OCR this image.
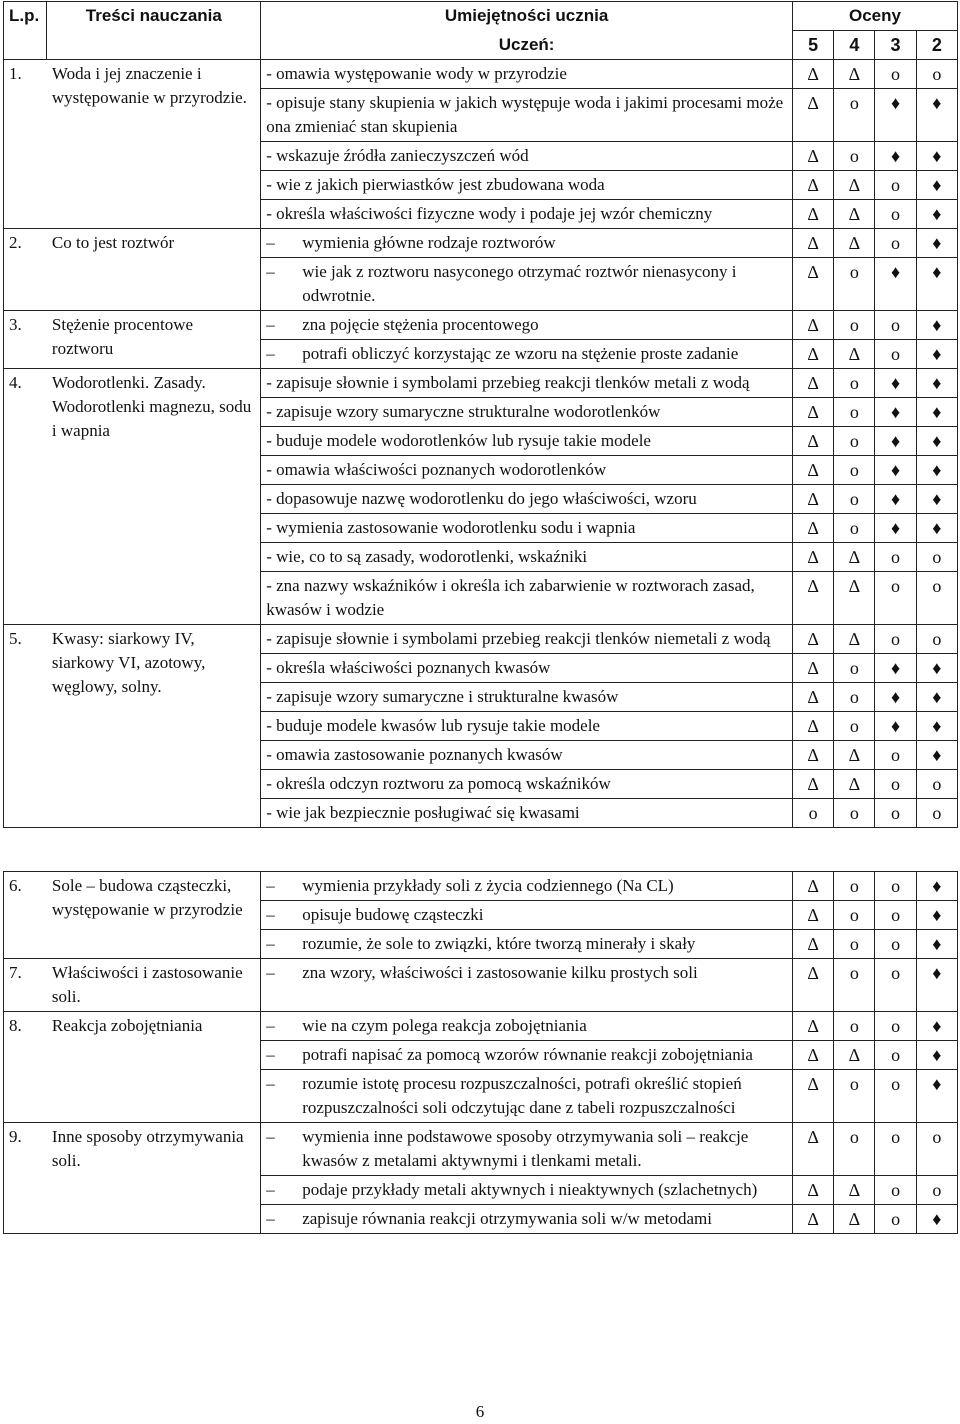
L.p.	Treści nauczania	Umiejętności ucznia	Oceny			
		Uczeń:	5	4	3	2
1.	Woda i jej znaczenie i występowanie w przyrodzie.	- omawia występowanie wody w przyrodzie	∆	∆	o	o
		- opisuje stany skupienia w jakich występuje woda i jakimi procesami może ona zmieniać stan skupienia	∆	o	♦	♦
		- wskazuje źródła zanieczyszczeń wód	∆	o	♦	♦
		- wie z jakich pierwiastków jest zbudowana woda	∆	∆	o	♦
		- określa właściwości fizyczne wody i podaje jej wzór chemiczny	∆	∆	o	♦
2.	Co to jest roztwór	– wymienia główne rodzaje roztworów	∆	∆	o	♦

		– wie jak z roztworu nasyconego otrzymać roztwór nienasycony i odwrotnie.	∆	o	♦	♦
3.	Stężenie procentowe roztworu	– zna pojęcie stężenia procentowego	∆	o	o	♦

		– potrafi obliczyć korzystając ze wzoru na stężenie proste zadanie	∆	∆	o	♦
4.	Wodorotlenki. Zasady. Wodorotlenki magnezu, sodu i wapnia	- zapisuje słownie i symbolami przebieg reakcji tlenków metali z wodą	∆	o	♦	♦
		- zapisuje wzory sumaryczne strukturalne wodorotlenków	∆	o	♦	♦
		- buduje modele wodorotlenków lub rysuje takie modele	∆	o	♦	♦
		- omawia właściwości poznanych wodorotlenków	∆	o	♦	♦
		- dopasowuje nazwę wodorotlenku do jego właściwości, wzoru	∆	o	♦	♦
		- wymienia zastosowanie wodorotlenku sodu i wapnia	∆	o	♦	♦
		- wie, co to są zasady, wodorotlenki, wskaźniki	∆	∆	o	o
		- zna nazwy wskaźników i określa ich zabarwienie w roztworach zasad, kwasów i wodzie	∆	∆	o	o
5.	Kwasy: siarkowy IV, siarkowy VI, azotowy, węglowy, solny.	- zapisuje słownie i symbolami przebieg reakcji tlenków niemetali z wodą	∆	∆	o	o
		- określa właściwości poznanych kwasów	∆	o	♦	♦
		- zapisuje wzory sumaryczne i strukturalne kwasów	∆	o	♦	♦
		- buduje modele kwasów lub rysuje takie modele	∆	o	♦	♦
		- omawia zastosowanie poznanych kwasów	∆	∆	o	♦
		- określa odczyn roztworu za pomocą wskaźników	∆	∆	o	o
		- wie jak bezpiecznie posługiwać się kwasami	o	o	o	o
6.	Sole – budowa cząsteczki, występowanie w przyrodzie	– wymienia przykłady soli z życia codziennego (Na CL)	∆	o	o	♦

		– opisuje budowę cząsteczki	∆	o	o	♦

		– rozumie, że sole to związki, które tworzą minerały i skały	∆	o	o	♦
7.	Właściwości i zastosowanie soli.	– zna wzory, właściwości i zastosowanie kilku prostych soli	∆	o	o	♦
8.	Reakcja zobojętniania	– wie na czym polega reakcja zobojętniania	∆	o	o	♦

		– potrafi napisać za pomocą wzorów równanie reakcji zobojętniania	∆	∆	o	♦

		– rozumie istotę procesu rozpuszczalności, potrafi określić stopień rozpuszczalności soli odczytując dane z tabeli rozpuszczalności	∆	o	o	♦
9.	Inne sposoby otrzymywania soli.	– wymienia inne podstawowe sposoby otrzymywania soli – reakcje kwasów z metalami aktywnymi i tlenkami metali.	∆	o	o	o

		– podaje przykłady metali aktywnych i nieaktywnych (szlachetnych)	∆	∆	o	o

		– zapisuje równania reakcji otrzymywania soli w/w metodami	∆	∆	o	♦
6
